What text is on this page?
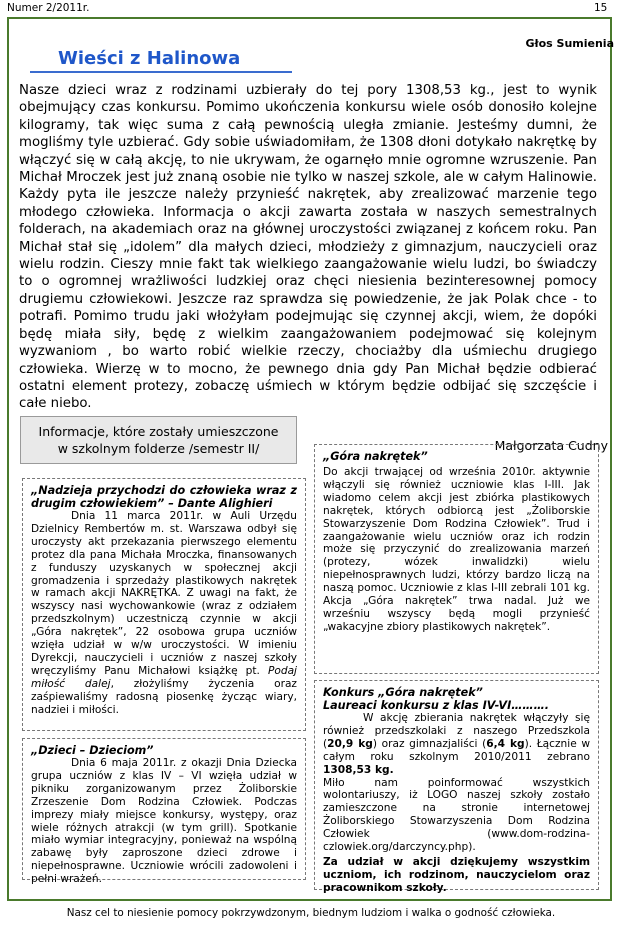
Numer 2/2011r.	15
Głos Sumienia
Wieści z Halinowa

Nasze dzieci wraz z rodzinami uzbierały do tej pory 1308,53 kg., jest to wynik obejmujący czas konkursu. Pomimo ukończenia konkursu wiele osób donosiło kolejne kilogramy, tak więc suma z całą pewnością uległa zmianie. Jesteśmy dumni, że mogliśmy tyle uzbierać. Gdy sobie uświadomiłam, że 1308 dłoni dotykało nakrętkę by włączyć się w całą akcję, to nie ukrywam, że ogarnęło mnie ogromne wzruszenie. Pan Michał Mroczek jest już znaną osobie nie tylko w naszej szkole, ale w całym Halinowie. Każdy pyta ile jeszcze należy przynieść nakrętek, aby zrealizować marzenie tego młodego człowieka. Informacja o akcji zawarta została w naszych semestralnych folderach, na akademiach oraz na głównej uroczystości związanej z końcem roku. Pan Michał stał się „idolem” dla małych dzieci, młodzieży z gimnazjum, nauczycieli oraz wielu rodzin. Cieszy mnie fakt tak wielkiego zaangażowanie wielu ludzi, bo świadczy to o ogromnej wrażliwości ludzkiej oraz chęci niesienia bezinteresownej pomocy drugiemu człowiekowi. Jeszcze raz sprawdza się powiedzenie, że jak Polak chce - to potrafi. Pomimo trudu jaki włożyłam podejmując się czynnej akcji, wiem, że dopóki będę miała siły, będę z wielkim zaangażowaniem podejmować się kolejnym wyzwaniom , bo warto robić wielkie rzeczy, chociażby dla uśmiechu drugiego człowieka. Wierzę w to mocno, że pewnego dnia gdy Pan Michał będzie odbierać ostatni element protezy, zobaczę uśmiech w którym będzie odbijać się szczęście i całe niebo.

Małgorzata Cudny
Informacje, które zostały umieszczone
w szkolnym folderze /semestr II/
„Nadzieja przychodzi do człowieka wraz z drugim człowiekiem” – Dante Alighieri

Dnia 11 marca 2011r. w Auli Urzędu Dzielnicy Rembertów m. st. Warszawa odbył się uroczysty akt przekazania pierwszego elementu protez dla pana Michała Mroczka, finansowanych z funduszy uzyskanych w społecznej akcji gromadzenia i sprzedaży plastikowych nakrętek w ramach akcji NAKRĘTKA. Z uwagi na fakt, że wszyscy nasi wychowankowie (wraz z odziałem przedszkolnym) uczestniczą czynnie w akcji „Góra nakrętek”, 22 osobowa grupa uczniów wzięła udział w w/w uroczystości. W imieniu Dyrekcji, nauczycieli i uczniów z naszej szkoły wręczyliśmy Panu Michałowi książkę pt. Podaj miłość dalej, złożyliśmy życzenia oraz zaśpiewaliśmy radosną piosenkę życząc wiary, nadziei i miłości.

„Dzieci – Dzieciom”

Dnia 6 maja 2011r. z okazji Dnia Dziecka grupa uczniów z klas IV – VI wzięła udział w pikniku zorganizowanym przez Żoliborskie Zrzeszenie Dom Rodzina Człowiek. Podczas imprezy miały miejsce konkursy, występy, oraz wiele różnych atrakcji (w tym grill). Spotkanie miało wymiar integracyjny, ponieważ na wspólną zabawę były zaproszone dzieci zdrowe i niepełnosprawne. Uczniowie wrócili zadowoleni i pełni wrażeń.

„Góra nakrętek”

Do akcji trwającej od września 2010r. aktywnie włączyli się również uczniowie klas I-III. Jak wiadomo celem akcji jest zbiórka plastikowych nakrętek, których odbiorcą jest „Żoliborskie Stowarzyszenie Dom Rodzina Człowiek”. Trud i zaangażowanie wielu uczniów oraz ich rodzin może się przyczynić do zrealizowania marzeń (protezy, wózek inwalidzki) wielu niepełnosprawnych ludzi, którzy bardzo liczą na naszą pomoc. Uczniowie z klas I-III zebrali 101 kg. Akcja „Góra nakrętek” trwa nadal. Już we wrześniu wszyscy będą mogli przynieść „wakacyjne zbiory plastikowych nakrętek”.

Konkurs „Góra nakrętek”
Laureaci konkursu z klas IV-VI……….

W akcję zbierania nakrętek włączyły się również przedszkolaki z naszego Przedszkola (20,9 kg) oraz gimnazjaliści (6,4 kg). Łącznie w całym roku szkolnym 2010/2011 zebrano 1308,53 kg.

Miło nam poinformować wszystkich wolontariuszy, iż LOGO naszej szkoły zostało zamieszczone na stronie internetowej Żoliborskiego Stowarzyszenia Dom Rodzina Człowiek (www.dom-rodzina-czlowiek.org/darczyncy.php).

Za udział w akcji dziękujemy wszystkim uczniom, ich rodzinom, nauczycielom oraz pracownikom szkoły.

Nasz cel to niesienie pomocy pokrzywdzonym, biednym ludziom i walka o godność człowieka.
